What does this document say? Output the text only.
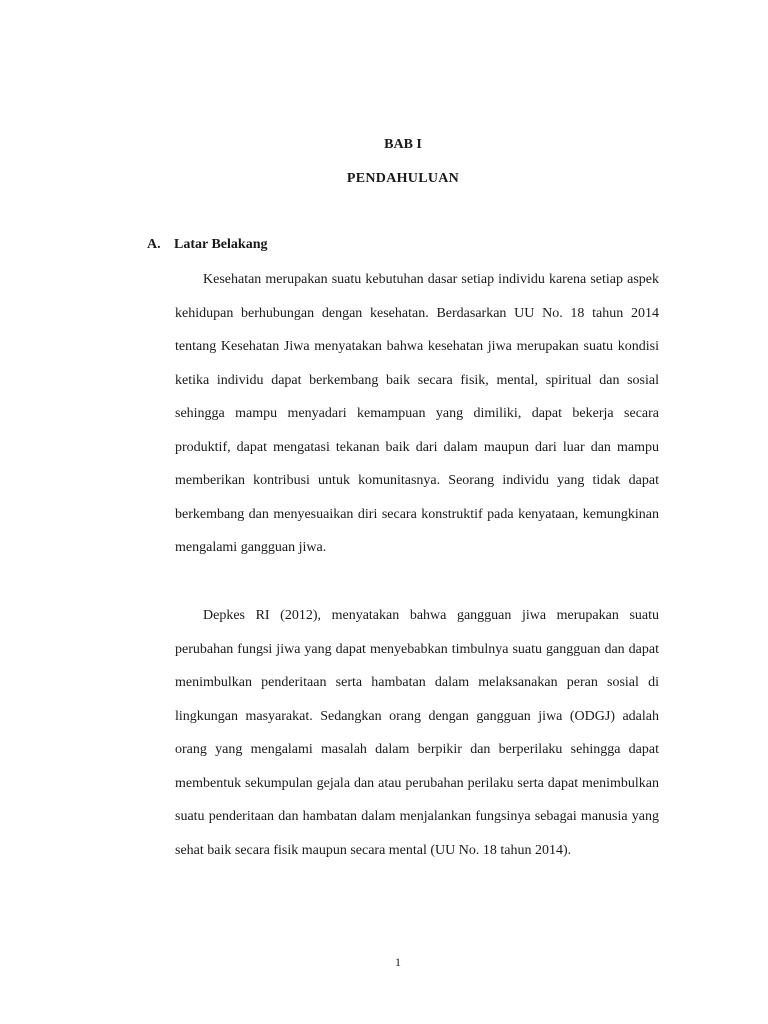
BAB I
PENDAHULUAN
A. Latar Belakang

Kesehatan merupakan suatu kebutuhan dasar setiap individu karena setiap aspek kehidupan berhubungan dengan kesehatan. Berdasarkan UU No. 18 tahun 2014 tentang Kesehatan Jiwa menyatakan bahwa kesehatan jiwa merupakan suatu kondisi ketika individu dapat berkembang baik secara fisik, mental, spiritual dan sosial sehingga mampu menyadari kemampuan yang dimiliki, dapat bekerja secara produktif, dapat mengatasi tekanan baik dari dalam maupun dari luar dan mampu memberikan kontribusi untuk komunitasnya. Seorang individu yang tidak dapat berkembang dan menyesuaikan diri secara konstruktif pada kenyataan, kemungkinan mengalami gangguan jiwa.

Depkes RI (2012), menyatakan bahwa gangguan jiwa merupakan suatu perubahan fungsi jiwa yang dapat menyebabkan timbulnya suatu gangguan dan dapat menimbulkan penderitaan serta hambatan dalam melaksanakan peran sosial di lingkungan masyarakat. Sedangkan orang dengan gangguan jiwa (ODGJ) adalah orang yang mengalami masalah dalam berpikir dan berperilaku sehingga dapat membentuk sekumpulan gejala dan atau perubahan perilaku serta dapat menimbulkan suatu penderitaan dan hambatan dalam menjalankan fungsinya sebagai manusia yang sehat baik secara fisik maupun secara mental (UU No. 18 tahun 2014).

1
